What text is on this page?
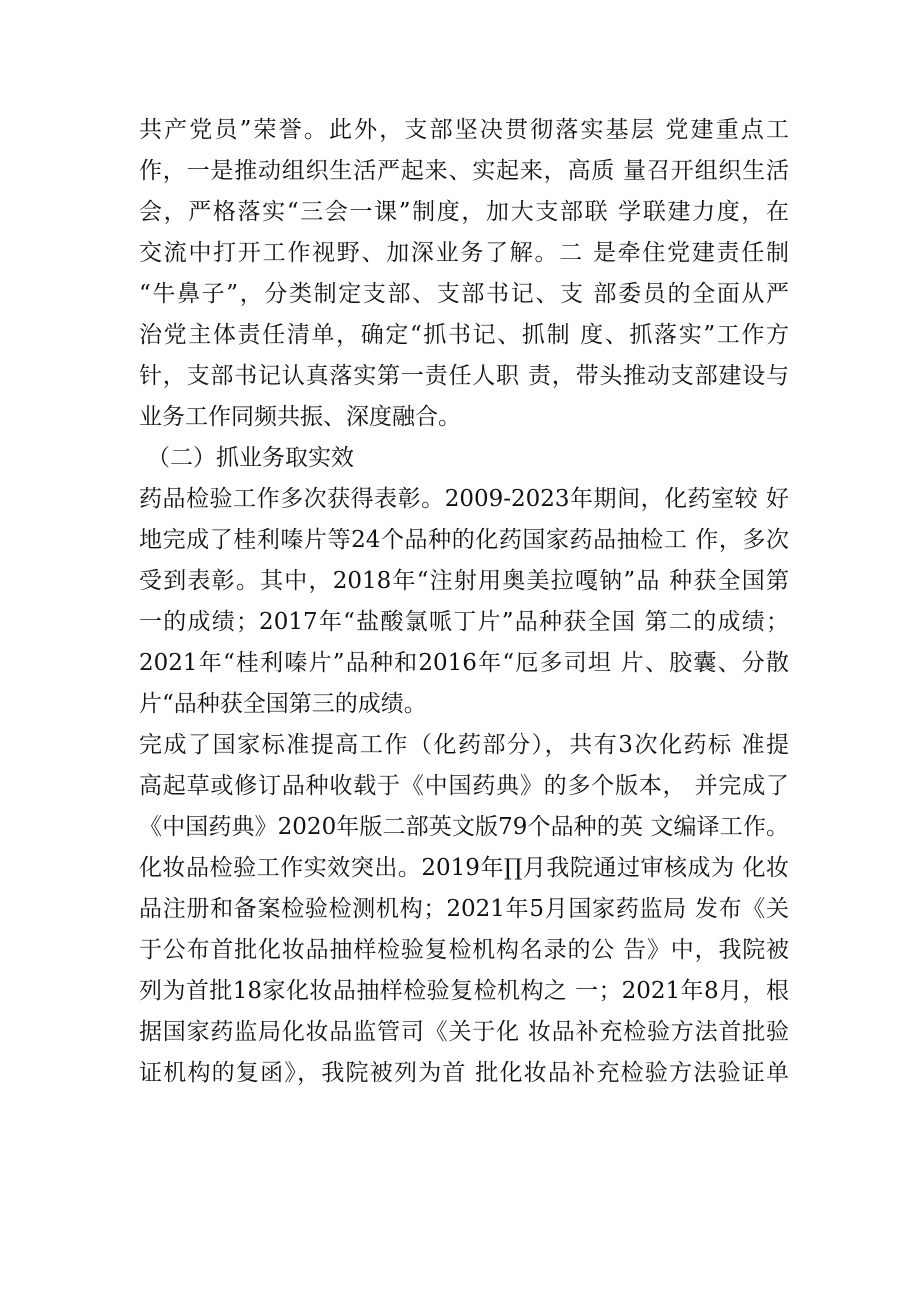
共产党员”荣誉。此外，支部坚决贯彻落实基层 党建重点工
作，一是推动组织生活严起来、实起来，高质 量召开组织生活
会，严格落实“三会一课”制度，加大支部联 学联建力度，在
交流中打开工作视野、加深业务了解。二 是牵住党建责任制
“牛鼻子”，分类制定支部、支部书记、支 部委员的全面从严
治党主体责任清单，确定“抓书记、抓制 度、抓落实”工作方
针，支部书记认真落实第一责任人职 责，带头推动支部建设与
业务工作同频共振、深度融合。
（二）抓业务取实效
药品检验工作多次获得表彰。2009-2023年期间，化药室较 好
地完成了桂利嗪片等24个品种的化药国家药品抽检工 作，多次
受到表彰。其中，2018年“注射用奥美拉嘎钠”品 种获全国第
一的成绩；2017年“盐酸氯哌丁片”品种获全国 第二的成绩；
2021年“桂利嗪片”品种和2016年“厄多司坦 片、胶囊、分散
片“品种获全国第三的成绩。
完成了国家标准提高工作（化药部分），共有3次化药标 准提
高起草或修订品种收载于《中国药典》的多个版本， 并完成了
《中国药典》2020年版二部英文版79个品种的英 文编译工作。
化妆品检验工作实效突出。2019年∏月我院通过审核成为 化妆
品注册和备案检验检测机构；2021年5月国家药监局 发布《关
于公布首批化妆品抽样检验复检机构名录的公 告》中，我院被
列为首批18家化妆品抽样检验复检机构之 一；2021年8月，根
据国家药监局化妆品监管司《关于化 妆品补充检验方法首批验
证机构的复函》，我院被列为首 批化妆品补充检验方法验证单
